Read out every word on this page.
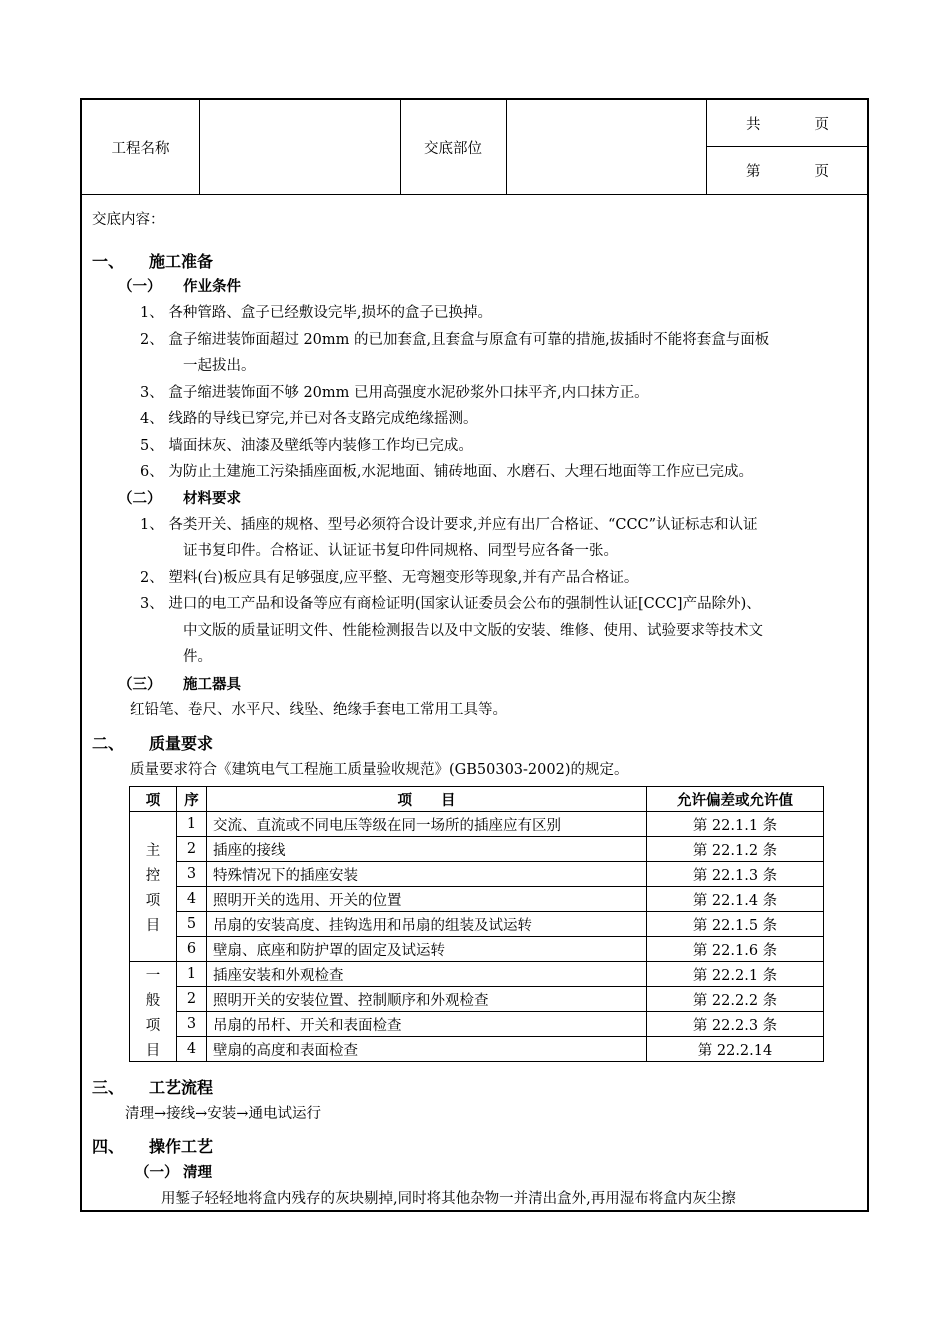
工程名称	交底部位
共	页
第	页
交底内容：
一、 施工准备
（一） 作业条件
1、 各种管路、盒子已经敷设完毕,损坏的盒子已换掉。
2、 盒子缩进装饰面超过 20mm 的已加套盒,且套盒与原盒有可靠的措施,拔插时不能将套盒与面板
一起拔出。
3、 盒子缩进装饰面不够 20mm 已用高强度水泥砂浆外口抹平齐,内口抹方正。
4、 线路的导线已穿完,并已对各支路完成绝缘摇测。
5、 墙面抹灰、油漆及壁纸等内装修工作均已完成。
6、 为防止土建施工污染插座面板,水泥地面、铺砖地面、水磨石、大理石地面等工作应已完成。
（二） 材料要求
1、 各类开关、插座的规格、型号必须符合设计要求,并应有出厂合格证、“CCC”认证标志和认证
证书复印件。合格证、认证证书复印件同规格、同型号应各备一张。
2、 塑料(台)板应具有足够强度,应平整、无弯翘变形等现象,并有产品合格证。
3、 进口的电工产品和设备等应有商检证明(国家认证委员会公布的强制性认证[CCC]产品除外)、
中文版的质量证明文件、性能检测报告以及中文版的安装、维修、使用、试验要求等技术文
件。
（三） 施工器具
红铅笔、卷尺、水平尺、线坠、绝缘手套电工常用工具等。
二、 质量要求
质量要求符合《建筑电气工程施工质量验收规范》(GB50303-2002)的规定。
项	序	项　　目	允许偏差或允许值

主
控
项
目	1	交流、直流或不同电压等级在同一场所的插座应有区别	第 22.1.1 条
	2	插座的接线	第 22.1.2 条
	3	特殊情况下的插座安装	第 22.1.3 条
	4	照明开关的选用、开关的位置	第 22.1.4 条
	5	吊扇的安装高度、挂钩选用和吊扇的组装及试运转	第 22.1.5 条
	6	壁扇、底座和防护罩的固定及试运转	第 22.1.6 条

一
般
项
目	1	插座安装和外观检查	第 22.2.1 条
	2	照明开关的安装位置、控制顺序和外观检查	第 22.2.2 条
	3	吊扇的吊杆、开关和表面检查	第 22.2.3 条
	4	壁扇的高度和表面检查	第 22.2.14
三、 工艺流程
清理→接线→安装→通电试运行
四、 操作工艺
（一） 清理
用錾子轻轻地将盒内残存的灰块剔掉,同时将其他杂物一并清出盒外,再用湿布将盒内灰尘擦
